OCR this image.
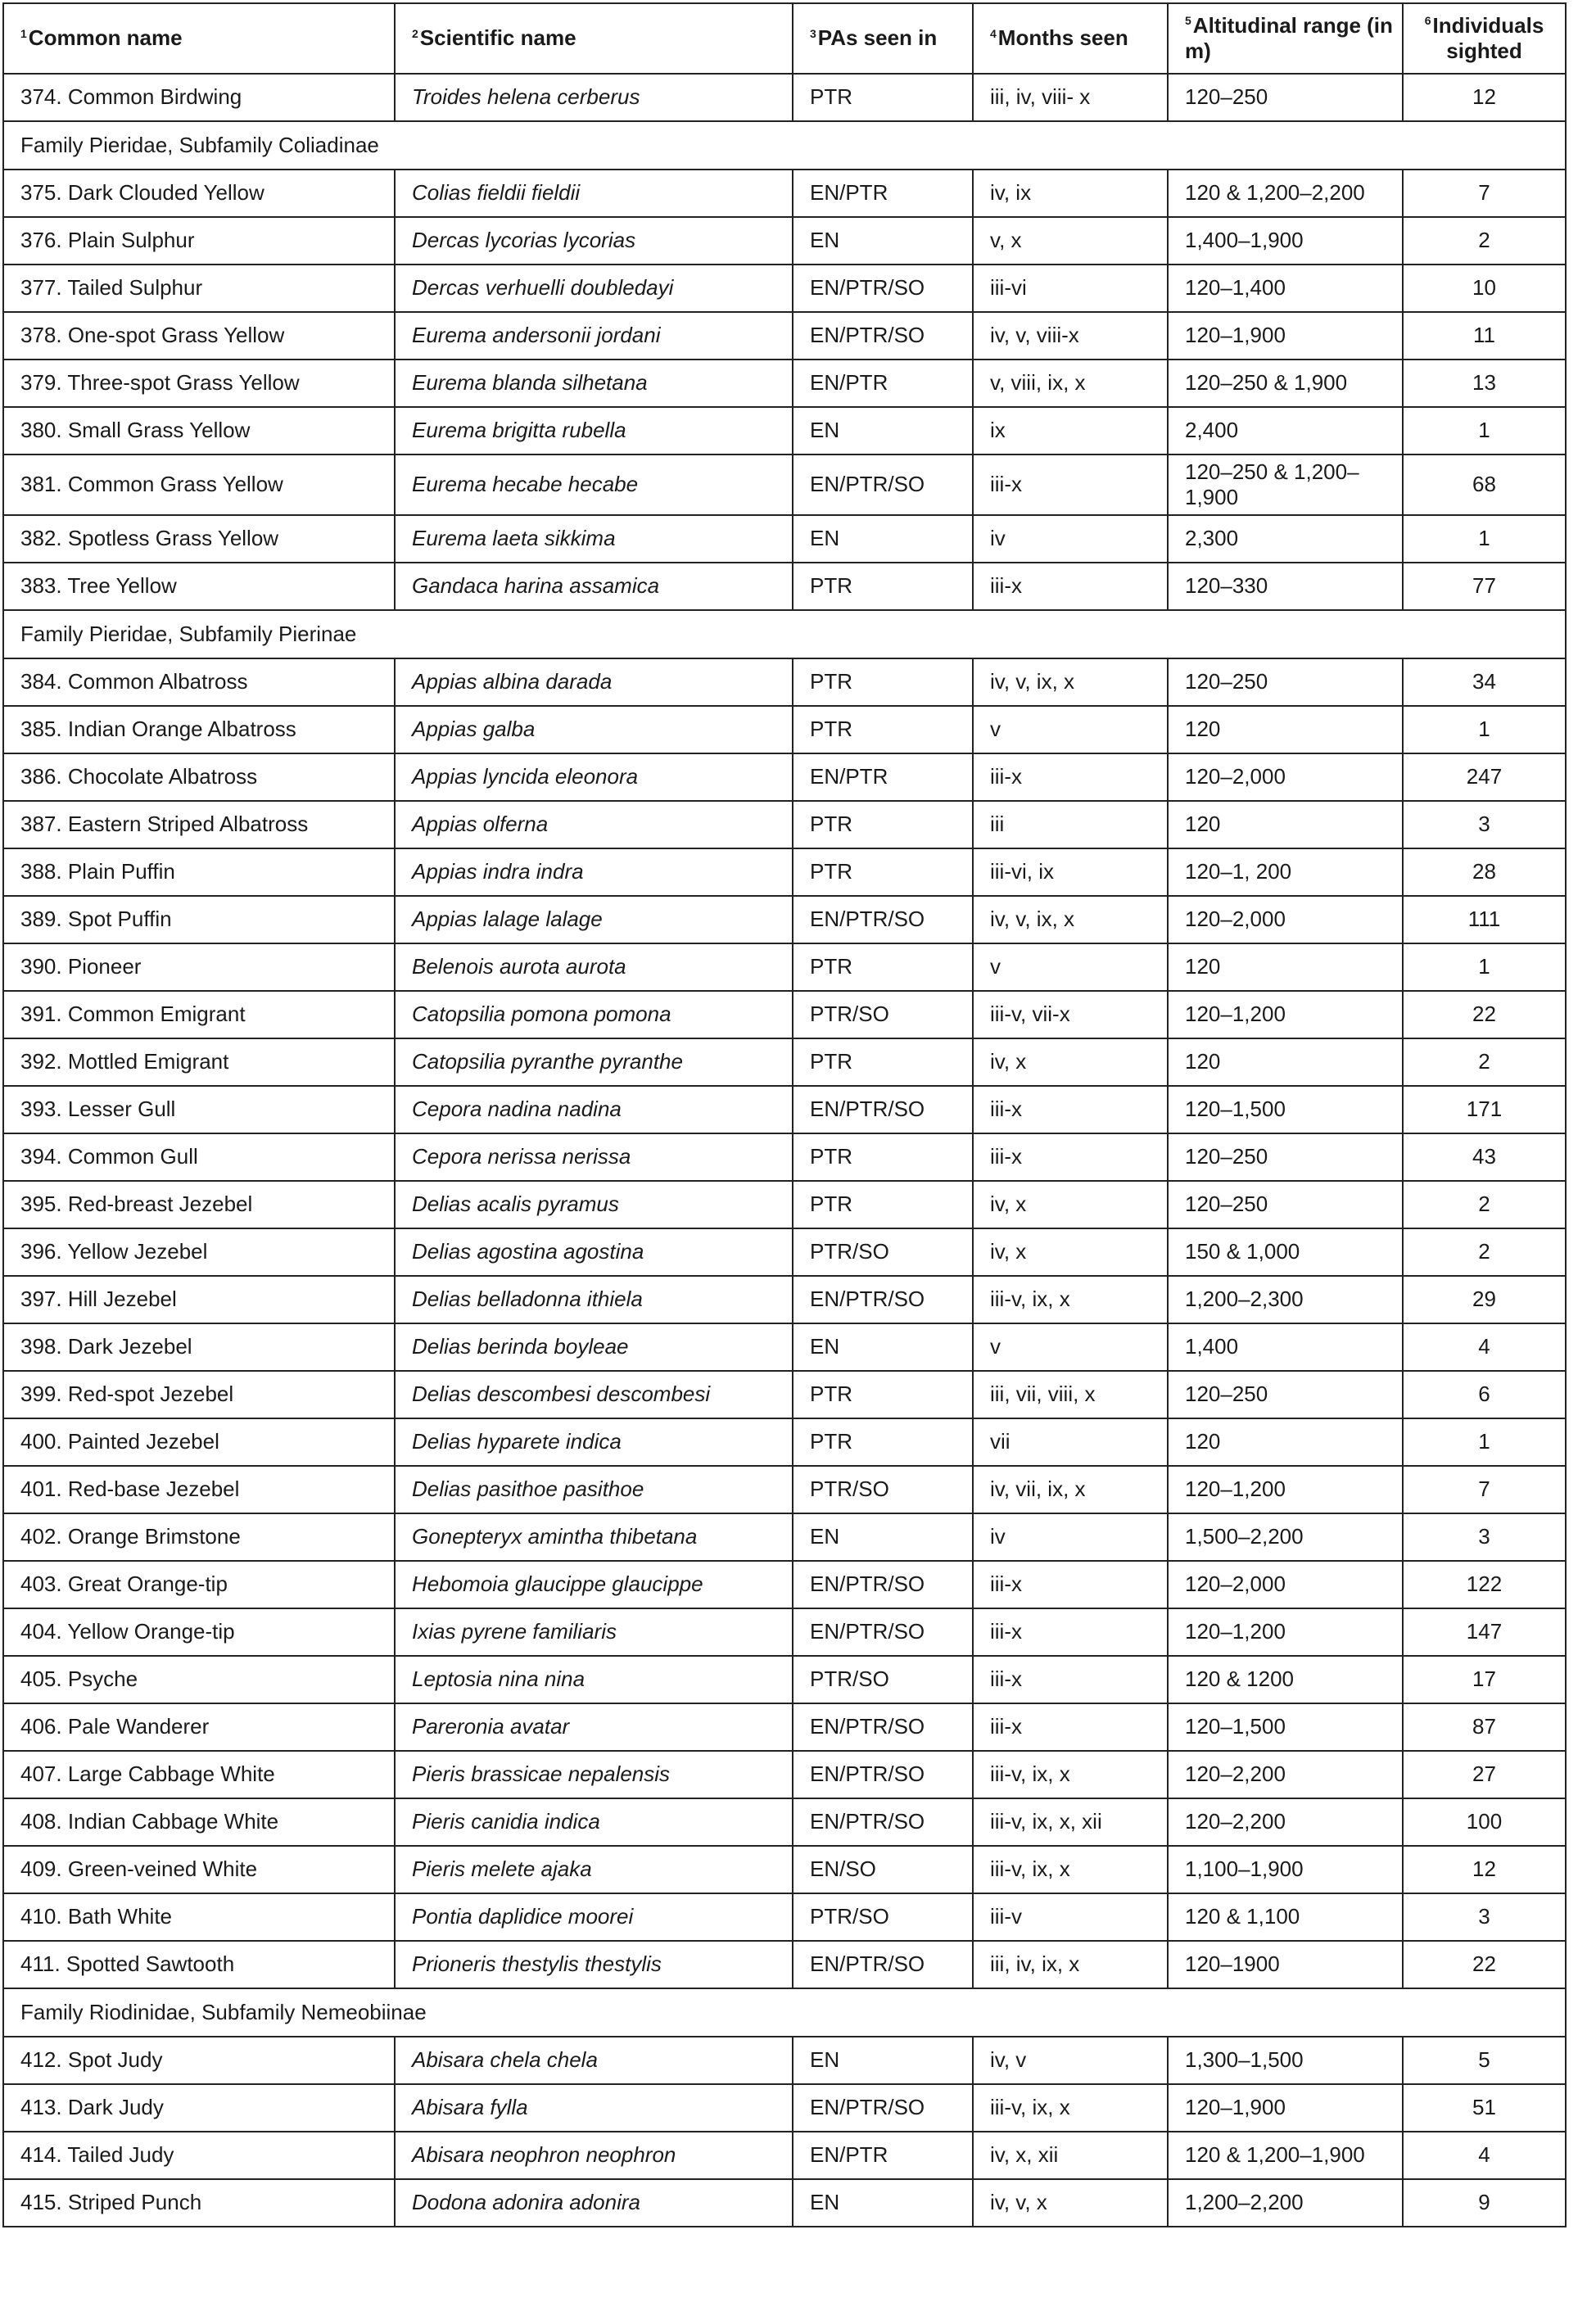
$^1$Common name	$^2$Scientific name	$^3$PAs seen in	$^4$Months seen	$^5$Altitudinal range (in m)	$^6$Individuals sighted
374. Common Birdwing	Troides helena cerberus	PTR	iii, iv, viii- x	120–250	12
Family Pieridae, Subfamily Coliadinae					
375. Dark Clouded Yellow	Colias fieldii fieldii	EN/PTR	iv, ix	120 & 1,200–2,200	7
376. Plain Sulphur	Dercas lycorias lycorias	EN	v, x	1,400–1,900	2
377. Tailed Sulphur	Dercas verhuelli doubledayi	EN/PTR/SO	iii-vi	120–1,400	10
378. One-spot Grass Yellow	Eurema andersonii jordani	EN/PTR/SO	iv, v, viii-x	120–1,900	11
379. Three-spot Grass Yellow	Eurema blanda silhetana	EN/PTR	v, viii, ix, x	120–250 & 1,900	13
380. Small Grass Yellow	Eurema brigitta rubella	EN	ix	2,400	1
381. Common Grass Yellow	Eurema hecabe hecabe	EN/PTR/SO	iii-x	120–250 & 1,200–1,900	68
382. Spotless Grass Yellow	Eurema laeta sikkima	EN	iv	2,300	1
383. Tree Yellow	Gandaca harina assamica	PTR	iii-x	120–330	77
Family Pieridae, Subfamily Pierinae					
384. Common Albatross	Appias albina darada	PTR	iv, v, ix, x	120–250	34
385. Indian Orange Albatross	Appias galba	PTR	v	120	1
386. Chocolate Albatross	Appias lyncida eleonora	EN/PTR	iii-x	120–2,000	247
387. Eastern Striped Albatross	Appias olferna	PTR	iii	120	3
388. Plain Puffin	Appias indra indra	PTR	iii-vi, ix	120–1, 200	28
389. Spot Puffin	Appias lalage lalage	EN/PTR/SO	iv, v, ix, x	120–2,000	111
390. Pioneer	Belenois aurota aurota	PTR	v	120	1
391. Common Emigrant	Catopsilia pomona pomona	PTR/SO	iii-v, vii-x	120–1,200	22
392. Mottled Emigrant	Catopsilia pyranthe pyranthe	PTR	iv, x	120	2
393. Lesser Gull	Cepora nadina nadina	EN/PTR/SO	iii-x	120–1,500	171
394. Common Gull	Cepora nerissa nerissa	PTR	iii-x	120–250	43
395. Red-breast Jezebel	Delias acalis pyramus	PTR	iv, x	120–250	2
396. Yellow Jezebel	Delias agostina agostina	PTR/SO	iv, x	150 & 1,000	2
397. Hill Jezebel	Delias belladonna ithiela	EN/PTR/SO	iii-v, ix, x	1,200–2,300	29
398. Dark Jezebel	Delias berinda boyleae	EN	v	1,400	4
399. Red-spot Jezebel	Delias descombesi descombesi	PTR	iii, vii, viii, x	120–250	6
400. Painted Jezebel	Delias hyparete indica	PTR	vii	120	1
401. Red-base Jezebel	Delias pasithoe pasithoe	PTR/SO	iv, vii, ix, x	120–1,200	7
402. Orange Brimstone	Gonepteryx amintha thibetana	EN	iv	1,500–2,200	3
403. Great Orange-tip	Hebomoia glaucippe glaucippe	EN/PTR/SO	iii-x	120–2,000	122
404. Yellow Orange-tip	Ixias pyrene familiaris	EN/PTR/SO	iii-x	120–1,200	147
405. Psyche	Leptosia nina nina	PTR/SO	iii-x	120 & 1200	17
406. Pale Wanderer	Pareronia avatar	EN/PTR/SO	iii-x	120–1,500	87
407. Large Cabbage White	Pieris brassicae nepalensis	EN/PTR/SO	iii-v, ix, x	120–2,200	27
408. Indian Cabbage White	Pieris canidia indica	EN/PTR/SO	iii-v, ix, x, xii	120–2,200	100
409. Green-veined White	Pieris melete ajaka	EN/SO	iii-v, ix, x	1,100–1,900	12
410. Bath White	Pontia daplidice moorei	PTR/SO	iii-v	120 & 1,100	3
411. Spotted Sawtooth	Prioneris thestylis thestylis	EN/PTR/SO	iii, iv, ix, x	120–1900	22
Family Riodinidae, Subfamily Nemeobiinae					
412. Spot Judy	Abisara chela chela	EN	iv, v	1,300–1,500	5
413. Dark Judy	Abisara fylla	EN/PTR/SO	iii-v, ix, x	120–1,900	51
414. Tailed Judy	Abisara neophron neophron	EN/PTR	iv, x, xii	120 & 1,200–1,900	4
415. Striped Punch	Dodona adonira adonira	EN	iv, v, x	1,200–2,200	9
